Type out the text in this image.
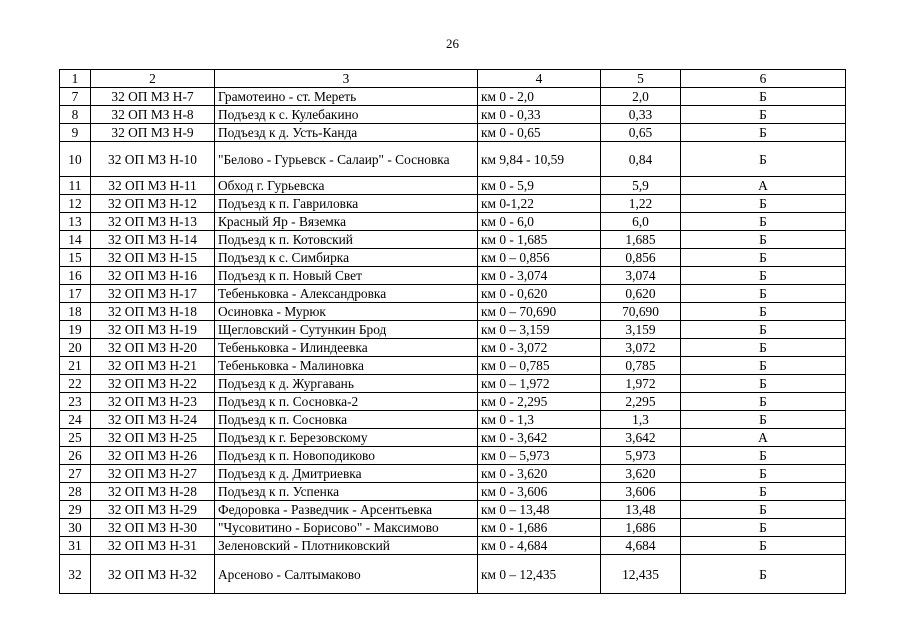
26
1	2	3	4	5	6
7	32 ОП МЗ Н-7	Грамотеино - ст. Мереть	км 0 - 2,0	2,0	Б
8	32 ОП МЗ Н-8	Подъезд к с. Кулебакино	км 0 - 0,33	0,33	Б
9	32 ОП МЗ Н-9	Подъезд к д. Усть-Канда	км 0 - 0,65	0,65	Б
10	32 ОП МЗ Н-10	"Белово - Гурьевск - Салаир" - Сосновка	км 9,84 - 10,59	0,84	Б
11	32 ОП МЗ Н-11	Обход г. Гурьевска	км 0 - 5,9	5,9	А
12	32 ОП МЗ Н-12	Подъезд к п. Гавриловка	км 0-1,22	1,22	Б
13	32 ОП МЗ Н-13	Красный Яр - Вяземка	км 0 - 6,0	6,0	Б
14	32 ОП МЗ Н-14	Подъезд к п. Котовский	км 0 - 1,685	1,685	Б
15	32 ОП МЗ Н-15	Подъезд к с. Симбирка	км 0 – 0,856	0,856	Б
16	32 ОП МЗ Н-16	Подъезд к п. Новый Свет	км 0 - 3,074	3,074	Б
17	32 ОП МЗ Н-17	Тебеньковка - Александровка	км 0 - 0,620	0,620	Б
18	32 ОП МЗ Н-18	Осиновка - Мурюк	км 0 – 70,690	70,690	Б
19	32 ОП МЗ Н-19	Щегловский - Сутункин Брод	км 0 – 3,159	3,159	Б
20	32 ОП МЗ Н-20	Тебеньковка - Илиндеевка	км 0 - 3,072	3,072	Б
21	32 ОП МЗ Н-21	Тебеньковка - Малиновка	км 0 – 0,785	0,785	Б
22	32 ОП МЗ Н-22	Подъезд к д. Жургавань	км 0 – 1,972	1,972	Б
23	32 ОП МЗ Н-23	Подъезд к п. Сосновка-2	км 0 - 2,295	2,295	Б
24	32 ОП МЗ Н-24	Подъезд к п. Сосновка	км 0 - 1,3	1,3	Б
25	32 ОП МЗ Н-25	Подъезд к г. Березовскому	км 0 - 3,642	3,642	А
26	32 ОП МЗ Н-26	Подъезд к п. Новоподиково	км 0 – 5,973	5,973	Б
27	32 ОП МЗ Н-27	Подъезд к д. Дмитриевка	км 0 - 3,620	3,620	Б
28	32 ОП МЗ Н-28	Подъезд к п. Успенка	км 0 - 3,606	3,606	Б
29	32 ОП МЗ Н-29	Федоровка - Разведчик - Арсентьевка	км 0 – 13,48	13,48	Б
30	32 ОП МЗ Н-30	"Чусовитино - Борисово" - Максимово	км 0 - 1,686	1,686	Б
31	32 ОП МЗ Н-31	Зеленовский - Плотниковский	км 0 - 4,684	4,684	Б
32	32 ОП МЗ Н-32	Арсеново - Салтымаково	км 0 – 12,435	12,435	Б
